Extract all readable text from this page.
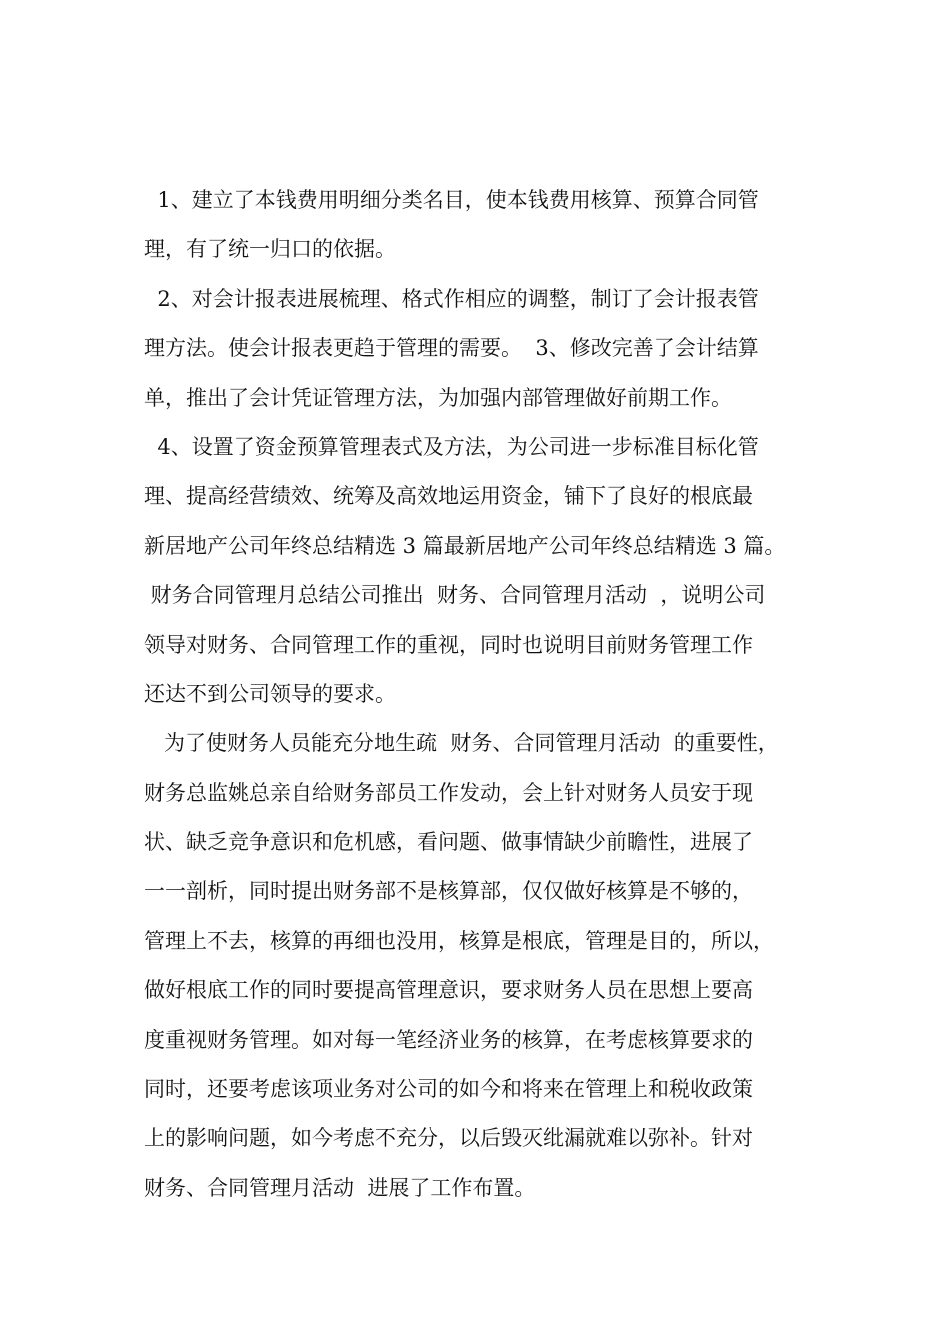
1、建立了本钱费用明细分类名目，使本钱费用核算、预算合同管
理，有了统一归口的依据。
2、对会计报表进展梳理、格式作相应的调整，制订了会计报表管
理方法。使会计报表更趋于管理的需要。  3、修改完善了会计结算
单，推出了会计凭证管理方法，为加强内部管理做好前期工作。
4、设置了资金预算管理表式及方法，为公司进一步标准目标化管
理、提高经营绩效、统筹及高效地运用资金，铺下了良好的根底最
新居地产公司年终总结精选 3 篇最新居地产公司年终总结精选 3 篇。
财务合同管理月总结公司推出  财务、合同管理月活动  ，说明公司
领导对财务、合同管理工作的重视，同时也说明目前财务管理工作
还达不到公司领导的要求。
为了使财务人员能充分地生疏  财务、合同管理月活动  的重要性，
财务总监姚总亲自给财务部员工作发动，会上针对财务人员安于现
状、缺乏竞争意识和危机感，看问题、做事情缺少前瞻性，进展了
一一剖析，同时提出财务部不是核算部，仅仅做好核算是不够的，
管理上不去，核算的再细也没用，核算是根底，管理是目的，所以，
做好根底工作的同时要提高管理意识，要求财务人员在思想上要高
度重视财务管理。如对每一笔经济业务的核算，在考虑核算要求的
同时，还要考虑该项业务对公司的如今和将来在管理上和税收政策
上的影响问题，如今考虑不充分，以后毁灭纰漏就难以弥补。针对
财务、合同管理月活动  进展了工作布置。
